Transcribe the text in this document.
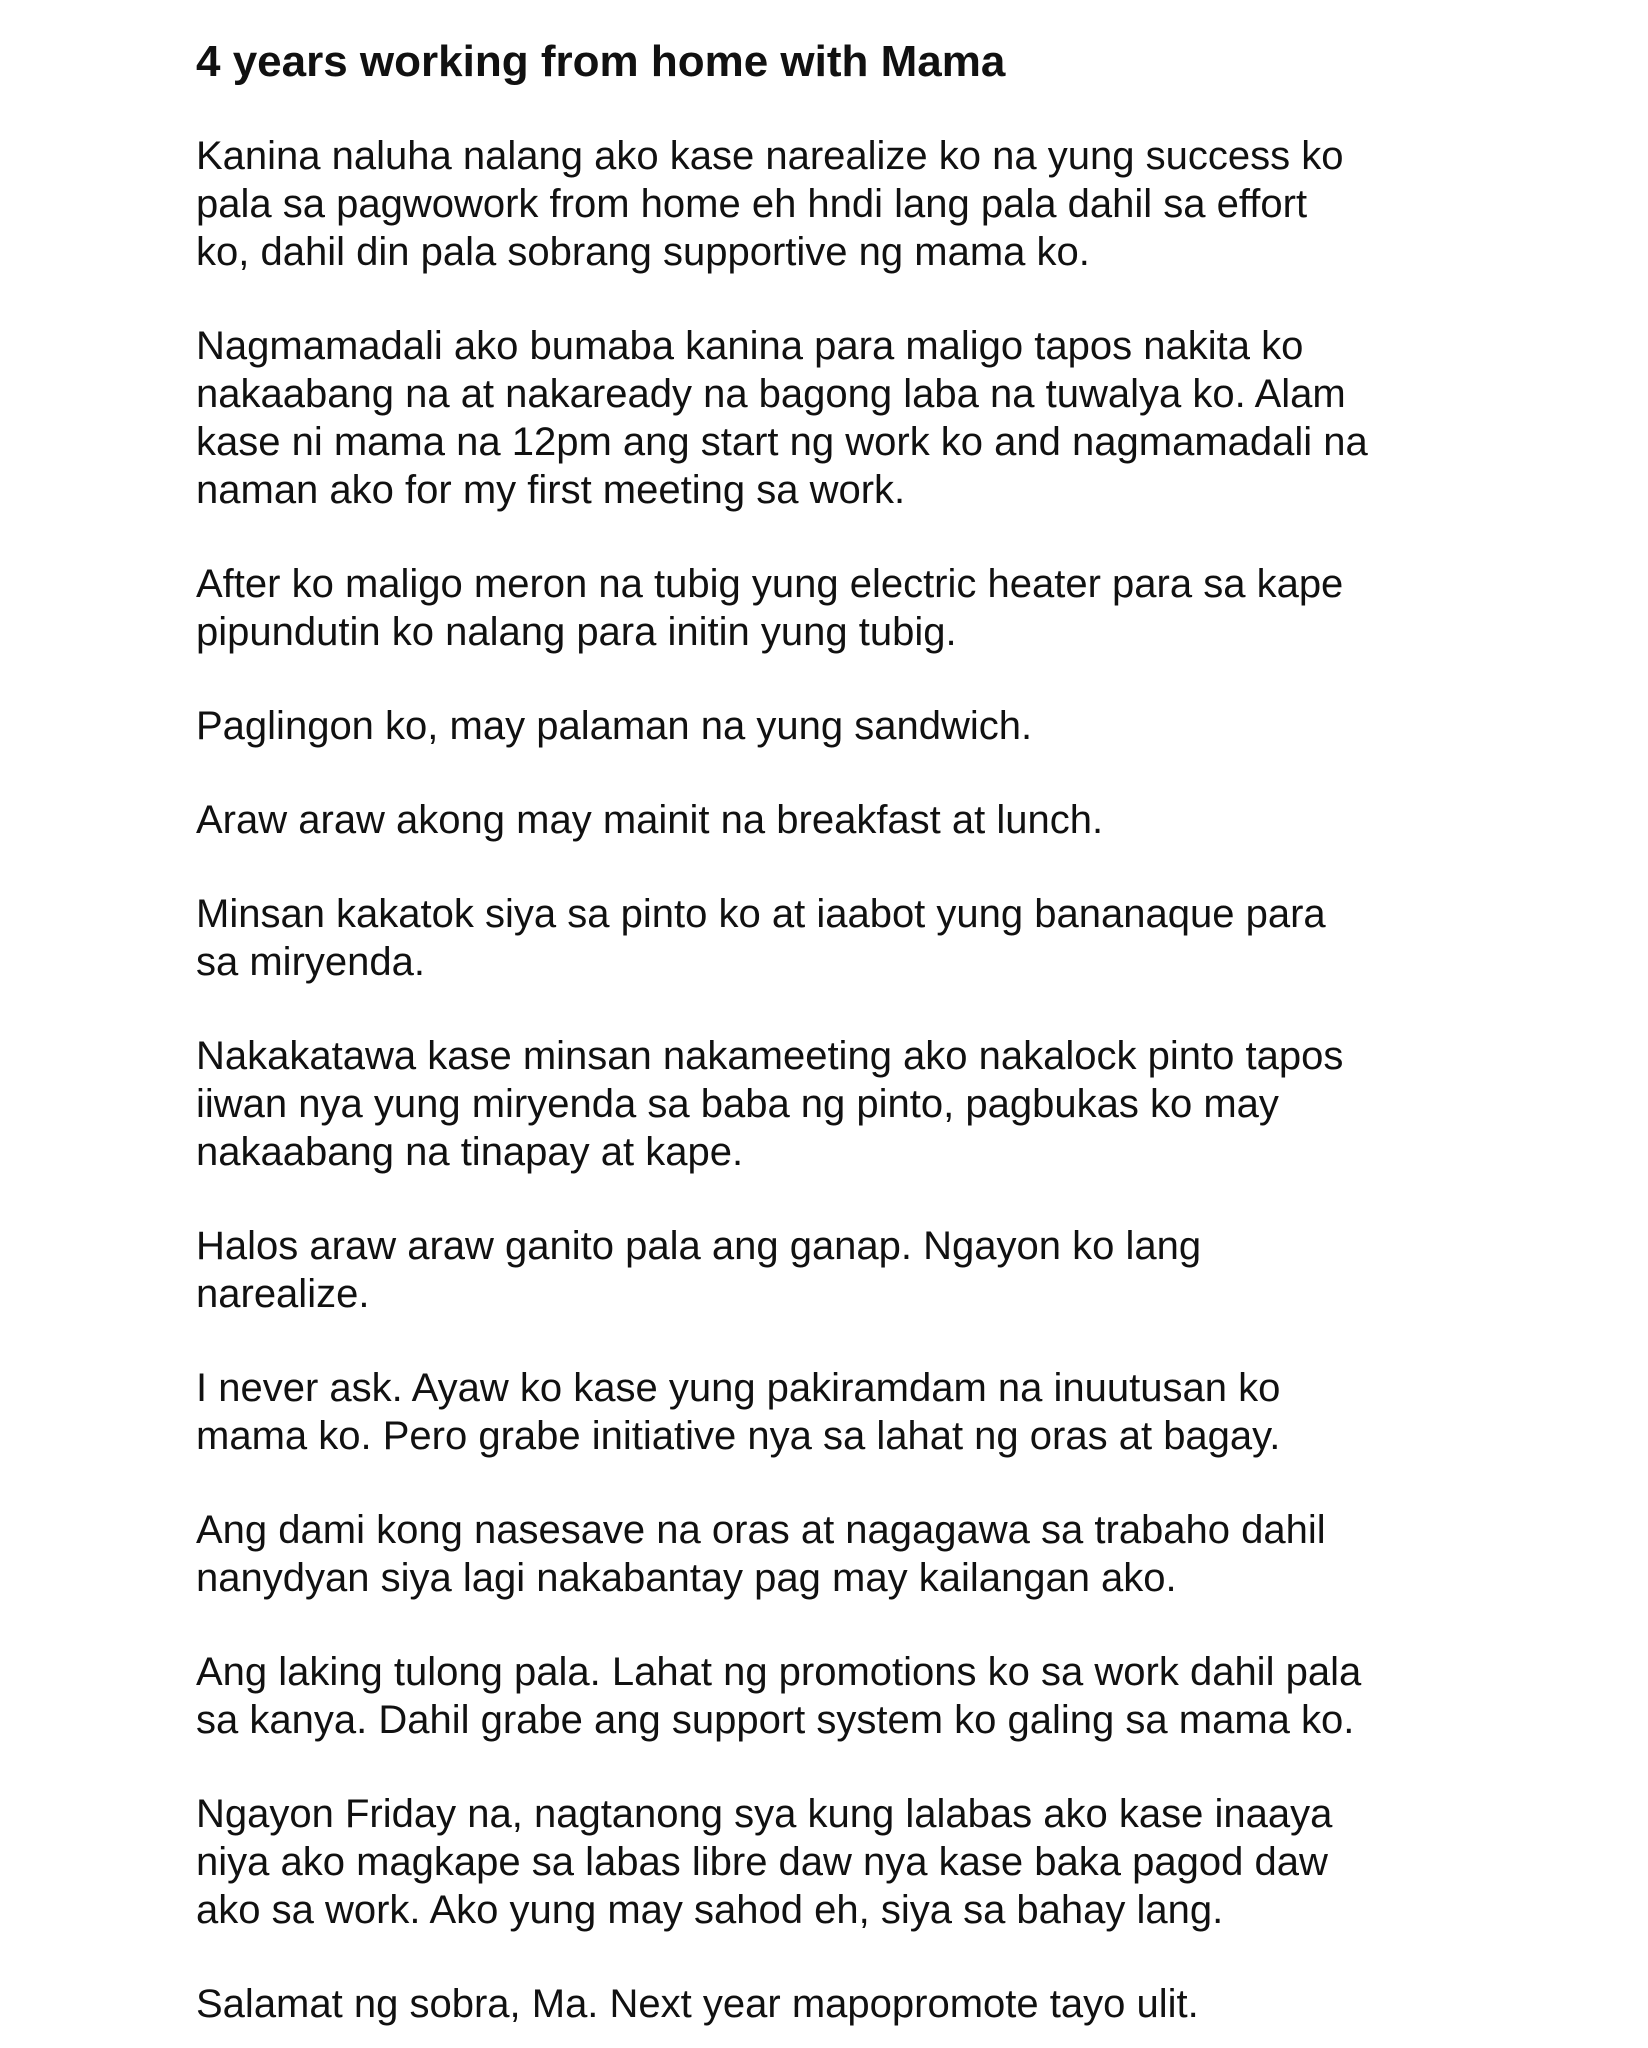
4 years working from home with Mama

Kanina naluha nalang ako kase narealize ko na yung success ko
pala sa pagwowork from home eh hndi lang pala dahil sa effort
ko, dahil din pala sobrang supportive ng mama ko.

Nagmamadali ako bumaba kanina para maligo tapos nakita ko
nakaabang na at nakaready na bagong laba na tuwalya ko. Alam
kase ni mama na 12pm ang start ng work ko and nagmamadali na
naman ako for my first meeting sa work.

After ko maligo meron na tubig yung electric heater para sa kape
pipundutin ko nalang para initin yung tubig.

Paglingon ko, may palaman na yung sandwich.

Araw araw akong may mainit na breakfast at lunch.

Minsan kakatok siya sa pinto ko at iaabot yung bananaque para
sa miryenda.

Nakakatawa kase minsan nakameeting ako nakalock pinto tapos
iiwan nya yung miryenda sa baba ng pinto, pagbukas ko may
nakaabang na tinapay at kape.

Halos araw araw ganito pala ang ganap. Ngayon ko lang
narealize.

I never ask. Ayaw ko kase yung pakiramdam na inuutusan ko
mama ko. Pero grabe initiative nya sa lahat ng oras at bagay.

Ang dami kong nasesave na oras at nagagawa sa trabaho dahil
nanydyan siya lagi nakabantay pag may kailangan ako.

Ang laking tulong pala. Lahat ng promotions ko sa work dahil pala
sa kanya. Dahil grabe ang support system ko galing sa mama ko.

Ngayon Friday na, nagtanong sya kung lalabas ako kase inaaya
niya ako magkape sa labas libre daw nya kase baka pagod daw
ako sa work. Ako yung may sahod eh, siya sa bahay lang.

Salamat ng sobra, Ma. Next year mapopromote tayo ulit.
